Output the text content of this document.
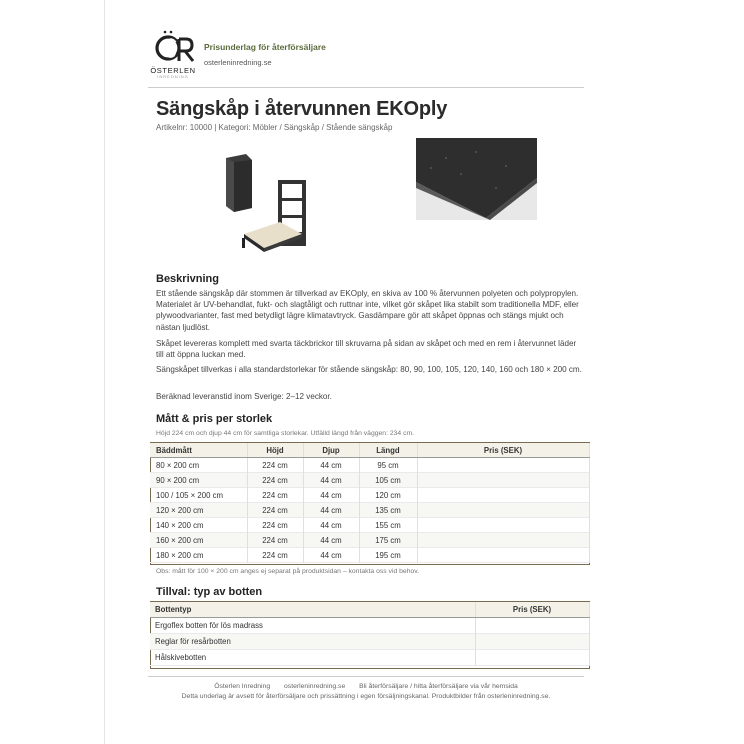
ÖSTERLEN
INREDNING
Prisunderlag för återförsäljare
osterleninredning.se
Sängskåp i återvunnen EKOply
Artikelnr: 10000 | Kategori: Möbler / Sängskåp / Stående sängskåp
Beskrivning
Ett stående sängskåp där stommen är tillverkad av EKOply, en skiva av 100 % återvunnen polyeten och polypropylen. Materialet är UV-behandlat, fukt- och slagtåligt och ruttnar inte, vilket gör skåpet lika stabilt som traditionella MDF, eller plywoodvarianter, fast med betydligt lägre klimatavtryck. Gasdämpare gör att skåpet öppnas och stängs mjukt och nästan ljudlöst.
Skåpet levereras komplett med svarta täckbrickor till skruvarna på sidan av skåpet och med en rem i återvunnet läder till att öppna luckan med.
Sängskåpet tillverkas i alla standardstorlekar för stående sängskåp: 80, 90, 100, 105, 120, 140, 160 och 180 × 200 cm.
Beräknad leveranstid inom Sverige: 2–12 veckor.
Mått & pris per storlek
Höjd 224 cm och djup 44 cm för samtliga storlekar. Utfälld längd från väggen: 234 cm.
Bäddmått	Höjd	Djup	Längd	Pris (SEK)
80 × 200 cm	224 cm	44 cm	95 cm	
90 × 200 cm	224 cm	44 cm	105 cm	
100 / 105 × 200 cm	224 cm	44 cm	120 cm	
120 × 200 cm	224 cm	44 cm	135 cm	
140 × 200 cm	224 cm	44 cm	155 cm	
160 × 200 cm	224 cm	44 cm	175 cm	
180 × 200 cm	224 cm	44 cm	195 cm	
Obs: mått för 100 × 200 cm anges ej separat på produktsidan – kontakta oss vid behov.
Tillval: typ av botten
Bottentyp	Pris (SEK)
Ergoflex botten för lös madrass	
Reglar för resårbotten	
Hålskivebotten	
Österlen Inredning osterleninredning.se Bli återförsäljare / hitta återförsäljare via vår hemsida
Detta underlag är avsett för återförsäljare och prissättning i egen försäljningskanal. Produktbilder från osterleninredning.se.
